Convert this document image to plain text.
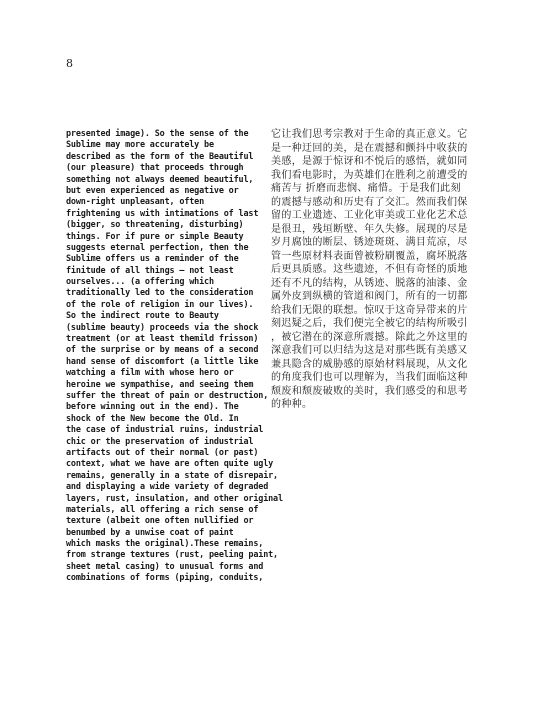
8
presented image). So the sense of the
Sublime may more accurately be
described as the form of the Beautiful
(our pleasure) that proceeds through
something not always deemed beautiful,
but even experienced as negative or
down-right unpleasant, often
frightening us with intimations of last
(bigger, so threatening, disturbing)
things. For if pure or simple Beauty
suggests eternal perfection, then the
Sublime offers us a reminder of the
finitude of all things – not least
ourselves... (a offering which
traditionally led to the consideration
of the role of religion in our lives).
So the indirect route to Beauty
(sublime beauty) proceeds via the shock
treatment (or at least themild frisson)
of the surprise or by means of a second
hand sense of discomfort (a little like
watching a film with whose hero or
heroine we sympathise, and seeing them
suffer the threat of pain or destruction,
before winning out in the end). The
shock of the New become the Old. In
the case of industrial ruins, industrial
chic or the preservation of industrial
artifacts out of their normal (or past)
context, what we have are often quite ugly
remains, generally in a state of disrepair,
and displaying a wide variety of degraded
layers, rust, insulation, and other original
materials, all offering a rich sense of
texture (albeit one often nullified or
benumbed by a unwise coat of paint
which masks the original).These remains,
from strange textures (rust, peeling paint,
sheet metal casing) to unusual forms and
combinations of forms (piping, conduits,
它让我们思考宗教对于生命的真正意义。它
是一种迂回的美，是在震撼和颤抖中收获的
美感，是源于惊讶和不悦后的感悟，就如同
我们看电影时，为英雄们在胜利之前遭受的
痛苦与 折磨而悲悯、痛惜。于是我们此刻
的震撼与感动和历史有了交汇。然而我们保
留的工业遗迹、工业化审美或工业化艺术总
是很丑，残垣断壁、年久失修。展现的尽是
岁月腐蚀的断层、锈迹斑斑、满目荒凉，尽
管一些原材料表面曾被粉刷覆盖，腐坏脱落
后更具质感。这些遗迹，不但有奇怪的质地
还有不凡的结构，从锈迹、脱落的油漆、金
属外皮到纵横的管道和阀门，所有的一切都
给我们无限的联想。惊叹于这奇异带来的片
刻迟疑之后，我们便完全被它的结构所吸引
，被它潜在的深意所震撼。除此之外这里的
深意我们可以归结为这是对那些既有美感又
兼具隐含的威胁感的原始材料展现，从文化
的角度我们也可以理解为，当我们面临这种
颓废和颓废破败的美时，我们感受的和思考
的种种。
